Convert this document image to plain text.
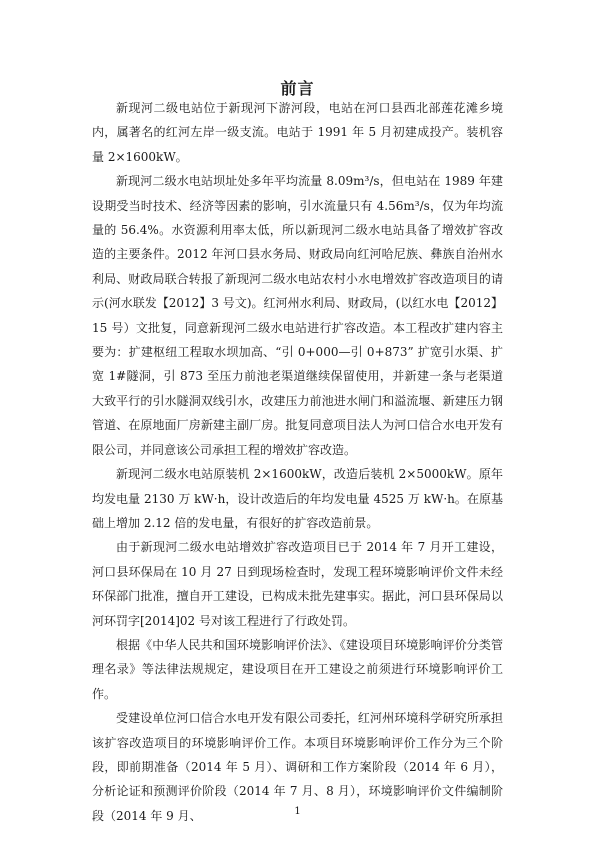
前言

新现河二级电站位于新现河下游河段，电站在河口县西北部莲花滩乡境内，属著名的红河左岸一级支流。电站于 1991 年 5 月初建成投产。装机容量 2×1600kW。

新现河二级水电站坝址处多年平均流量 8.09m³/s，但电站在 1989 年建设期受当时技术、经济等因素的影响，引水流量只有 4.56m³/s，仅为年均流量的 56.4%。水资源利用率太低，所以新现河二级水电站具备了增效扩容改造的主要条件。2012 年河口县水务局、财政局向红河哈尼族、彝族自治州水利局、财政局联合转报了新现河二级水电站农村小水电增效扩容改造项目的请示(河水联发【2012】3 号文)。红河州水利局、财政局，(以红水电【2012】15 号）文批复，同意新现河二级水电站进行扩容改造。本工程改扩建内容主要为：扩建枢纽工程取水坝加高、“引 0+000—引 0+873” 扩宽引水渠、扩宽 1#隧洞，引 873 至压力前池老渠道继续保留使用，并新建一条与老渠道大致平行的引水隧洞双线引水，改建压力前池进水闸门和溢流堰、新建压力钢管道、在原地面厂房新建主副厂房。批复同意项目法人为河口信合水电开发有限公司，并同意该公司承担工程的增效扩容改造。

新现河二级水电站原装机 2×1600kW，改造后装机 2×5000kW。原年均发电量 2130 万 kW·h，设计改造后的年均发电量 4525 万 kW·h。在原基础上增加 2.12 倍的发电量，有很好的扩容改造前景。

由于新现河二级水电站增效扩容改造项目已于 2014 年 7 月开工建设，河口县环保局在 10 月 27 日到现场检查时，发现工程环境影响评价文件未经环保部门批准，擅自开工建设，已构成未批先建事实。据此，河口县环保局以河环罚字[2014]02 号对该工程进行了行政处罚。

根据《中华人民共和国环境影响评价法》、《建设项目环境影响评价分类管理名录》等法律法规规定，建设项目在开工建设之前须进行环境影响评价工作。

受建设单位河口信合水电开发有限公司委托，红河州环境科学研究所承担该扩容改造项目的环境影响评价工作。本项目环境影响评价工作分为三个阶段，即前期准备（2014 年 5 月）、调研和工作方案阶段（2014 年 6 月），分析论证和预测评价阶段（2014 年 7 月、8 月），环境影响评价文件编制阶段（2014 年 9 月、	1
